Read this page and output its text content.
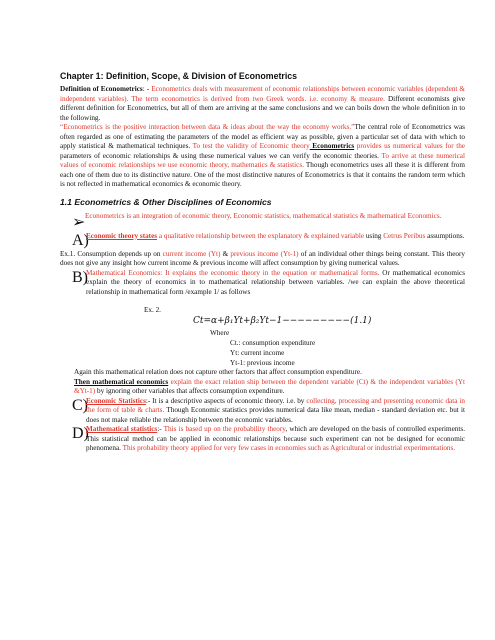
Chapter 1: Definition, Scope, & Division of Econometrics

Definition of Econometrics: - Econometrics deals with measurement of economic relationships between economic variables (dependent & independent variables). The term econometrics is derived from two Greek words. i.e. economy & measure. Different economists give different definition for Econometrics, but all of them are arriving at the same conclusions and we can boils down the whole definition in to the following.

“Econometrics is the positive interaction between data & ideas about the way the economy works.”The central role of Econometrics was often regarded as one of estimating the parameters of the model as efficient way as possible, given a particular set of data with which to apply statistical & mathematical techniques. To test the validity of Economic theory Econometrics provides us numerical values for the parameters of economic relationships & using these numerical values we can verify the economic theories. To arrive at these numerical values of economic relationships we use economic theory, mathematics & statistics. Though econometrics uses all these it is different from each one of them due to its distinctive nature. One of the most distinctive natures of Econometrics is that it contains the random term which is not reflected in mathematical economics & economic theory.

1.1 Econometrics & Other Disciplines of Economics
➢ Econometrics is an integration of economic theory, Economic statistics, mathematical statistics & mathematical Economics.

A)

Economic theory states a qualitative relationship between the explanatory & explained variable using Cetrus Peribus assumptions.

Ex.1. Consumption depends up on current income (Yt) & previous income (Yt-1) of an individual other things being constant. This theory does not give any insight how current income & previous income will affect consumption by giving numerical values.

B)

Mathematical Economics: It explains the economic theory in the equation or mathematical forms. Or mathematical economics explain the theory of economics in to mathematical relationship between variables. /we can explain the above theoretical relationship in mathematical form /example 1/ as follows

Ex. 2.
Ct=α+β₁Yt+β₂Yt−1−−−−−−−−−(1.1)
Where
Ct.: consumption expenditure
Yt: current income
Yt-1: previous income

Again this mathematical relation does not capture other factors that affect consumption expenditure.

Then mathematical economics explain the exact relation ship between the dependent variable (Ct) & the independent variables (Yt &Yt-1) by ignoring other variables that affects consumption expenditure.

C)

Economic Statistics:- It is a descriptive aspects of economic theory. i.e. by collecting, processing and presenting economic data in the form of table & charts. Though Economic statistics provides numerical data like mean, median - standard deviation etc. but it does not make reliable the relationship between the economic variables.

D)

Mathematical statistics:- This is based up on the probability theory, which are developed on the basis of controlled experiments. This statistical method can be applied in economic relationships because such experiment can not be designed for economic phenomena. This probability theory applied for very few cases in economies such as Agricultural or industrial experimentations.
